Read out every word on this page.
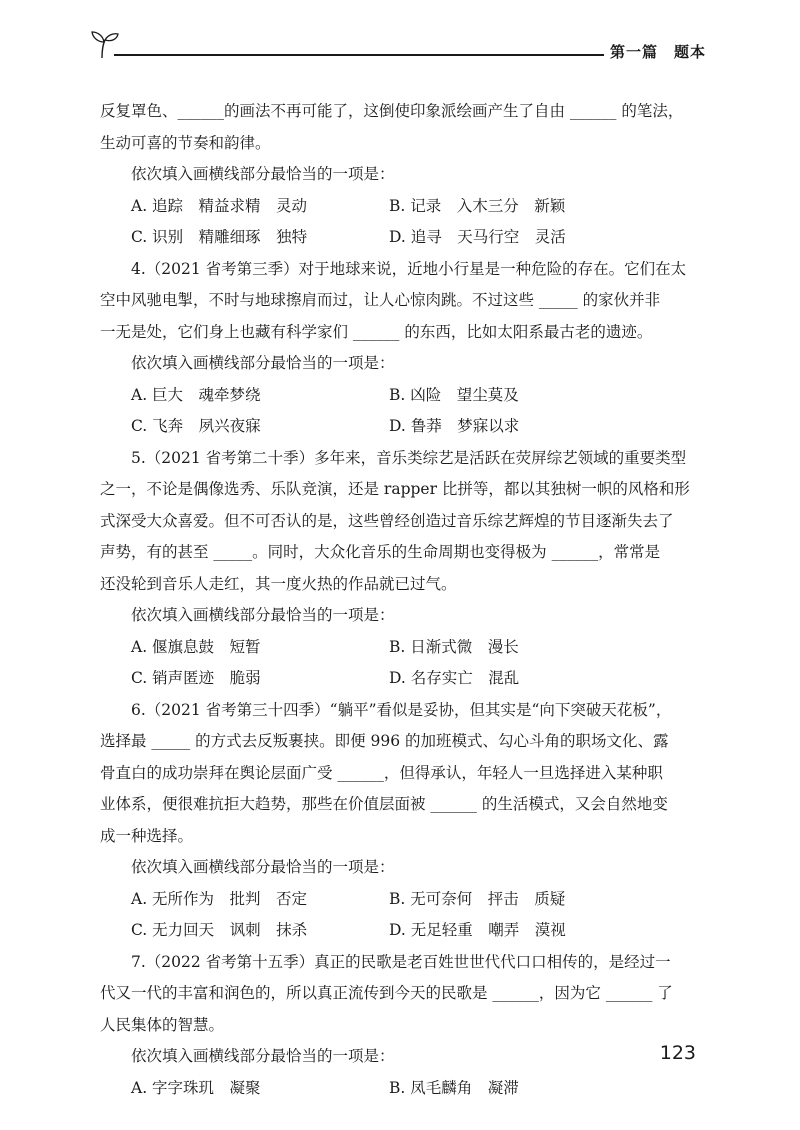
第一篇　题本
反复罩色、______的画法不再可能了，这倒使印象派绘画产生了自由 ______ 的笔法，
生动可喜的节奏和韵律。
依次填入画横线部分最恰当的一项是：
A. 追踪　精益求精　灵动	B. 记录　入木三分　新颖
C. 识别　精雕细琢　独特	D. 追寻　天马行空　灵活
4.（2021 省考第三季）对于地球来说，近地小行星是一种危险的存在。它们在太
空中风驰电掣，不时与地球擦肩而过，让人心惊肉跳。不过这些 _____ 的家伙并非
一无是处，它们身上也藏有科学家们 ______ 的东西，比如太阳系最古老的遗迹。
依次填入画横线部分最恰当的一项是：
A. 巨大　魂牵梦绕	B. 凶险　望尘莫及
C. 飞奔　夙兴夜寐	D. 鲁莽　梦寐以求
5.（2021 省考第二十季）多年来，音乐类综艺是活跃在荧屏综艺领域的重要类型
之一，不论是偶像选秀、乐队竞演，还是 rapper 比拼等，都以其独树一帜的风格和形
式深受大众喜爱。但不可否认的是，这些曾经创造过音乐综艺辉煌的节目逐渐失去了
声势，有的甚至 _____。同时，大众化音乐的生命周期也变得极为 ______，常常是
还没轮到音乐人走红，其一度火热的作品就已过气。
依次填入画横线部分最恰当的一项是：
A. 偃旗息鼓　短暂	B. 日渐式微　漫长
C. 销声匿迹　脆弱	D. 名存实亡　混乱
6.（2021 省考第三十四季）“躺平”看似是妥协，但其实是“向下突破天花板”，
选择最 _____ 的方式去反叛裹挟。即便 996 的加班模式、勾心斗角的职场文化、露
骨直白的成功崇拜在舆论层面广受 ______，但得承认，年轻人一旦选择进入某种职
业体系，便很难抗拒大趋势，那些在价值层面被 ______ 的生活模式，又会自然地变
成一种选择。
依次填入画横线部分最恰当的一项是：
A. 无所作为　批判　否定	B. 无可奈何　抨击　质疑
C. 无力回天　讽刺　抹杀	D. 无足轻重　嘲弄　漠视
7.（2022 省考第十五季）真正的民歌是老百姓世世代代口口相传的，是经过一
代又一代的丰富和润色的，所以真正流传到今天的民歌是 ______，因为它 ______ 了
人民集体的智慧。
依次填入画横线部分最恰当的一项是：
A. 字字珠玑　凝聚	B. 凤毛麟角　凝滞
123
